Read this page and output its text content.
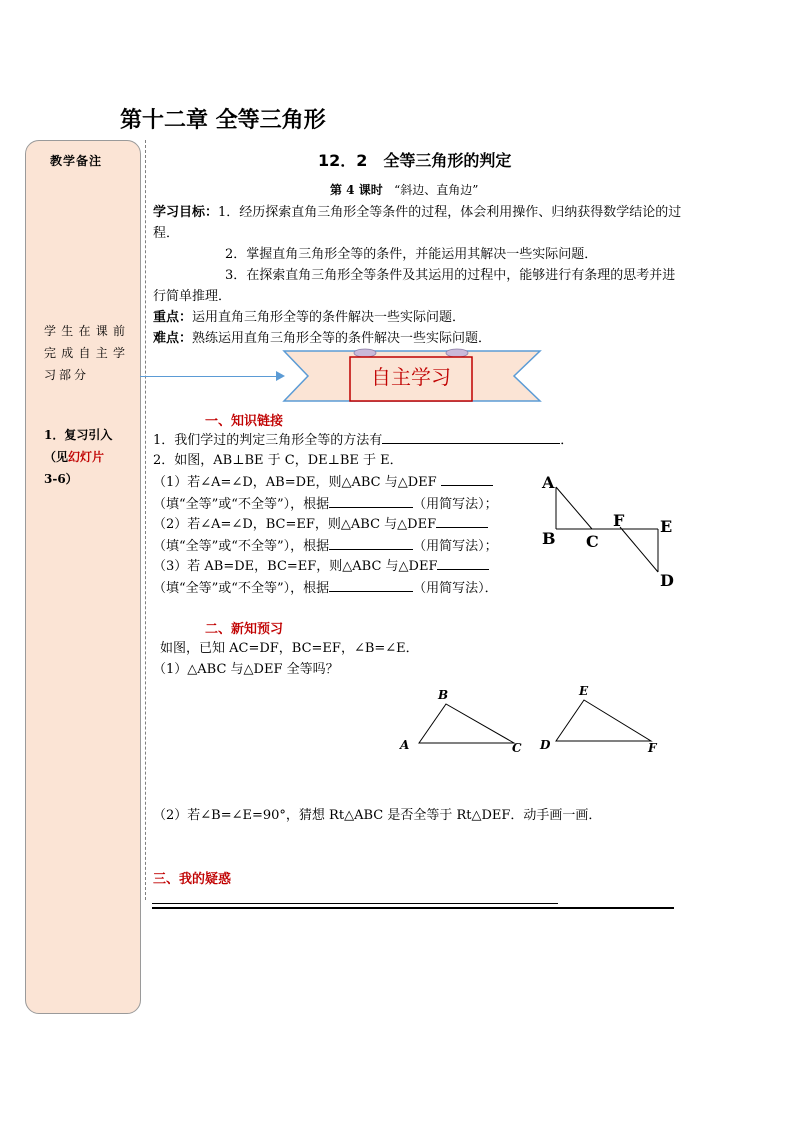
第十二章 全等三角形
教学备注
学生在课前完成自主学习部分
1．复习引入（见幻灯片
3-6）
12．2　全等三角形的判定
第 4 课时 “斜边、直角边”
学习目标：1．经历探索直角三角形全等条件的过程，体会利用操作、归纳获得数学结论的过程．
2．掌握直角三角形全等的条件，并能运用其解决一些实际问题．
3．在探索直角三角形全等条件及其运用的过程中，能够进行有条理的思考并进行简单推理．
重点：运用直角三角形全等的条件解决一些实际问题．
难点：熟练运用直角三角形全等的条件解决一些实际问题．
自主学习
一、知识链接
1．我们学过的判定三角形全等的方法有	．
2．如图，AB⊥BE 于 C，DE⊥BE 于 E．
（1）若∠A=∠D，AB=DE，则△ABC 与△DEF （填“全等”或“不全等”），根据	（用简写法）；
（2）若∠A=∠D，BC=EF，则△ABC 与△DEF（填“全等”或“不全等”），根据	（用简写法）；
（3）若 AB=DE，BC=EF，则△ABC 与△DEF（填“全等”或“不全等”），根据	（用简写法）．
A
B C
F E
D
二、新知预习
如图，已知 AC=DF，BC=EF，∠B=∠E．
（1）△ABC 与△DEF 全等吗？
A
B
C D
E
F
（2）若∠B=∠E=90°，猜想 Rt△ABC 是否全等于 Rt△DEF．动手画一画．
三、我的疑惑
